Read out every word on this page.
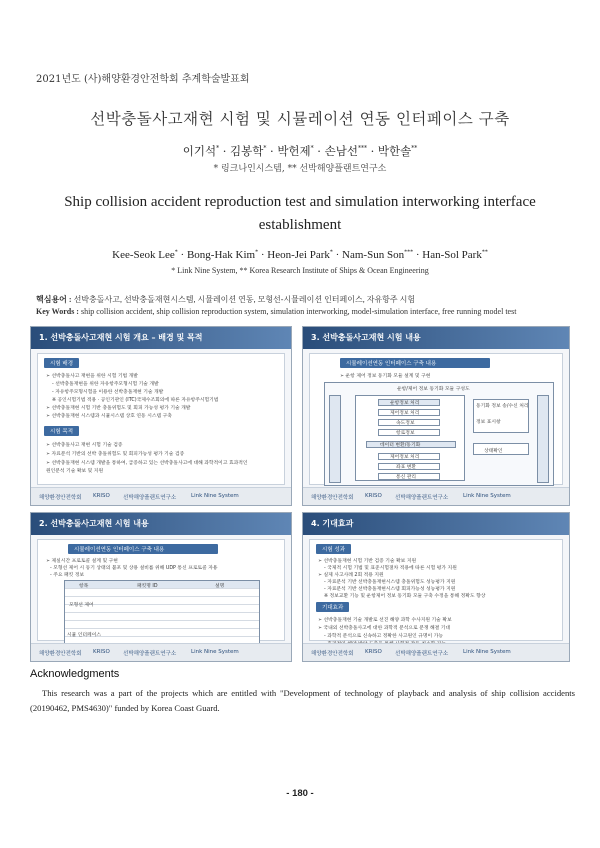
2021년도 (사)해양환경안전학회 추계학술발표회
선박충돌사고재현 시험 및 시뮬레이션 연동 인터페이스 구축
이기석* · 김봉학* · 박헌제* · 손남선*** · 박한솔**
* 링크나인시스템, ** 선박해양플랜트연구소
Ship collision accident reproduction test and simulation interworking interface establishment
Kee-Seok Lee* · Bong-Hak Kim* · Heon-Jei Park* · Nam-Sun Son*** · Han-Sol Park**
* Link Nine System, ** Korea Research Institute of Ships & Ocean Engineering
핵심용어 : 선박충돌사고, 선박충돌재현시스템, 시뮬레이션 연동, 모형선-시뮬레이션 인터페이스, 자유항주 시험
Key Words : ship collision accident, ship collision reproduction system, simulation interworking, model-simulation interface, free running model test
1. 선박충돌사고재현 시험 개요 – 배경 및 목적
시험 배경
➢ 선박충돌사고 재현을 위한 시험 기법 개발
- 선박충돌재현을 위한 자유항주모형시험 기술 개발
- 자유항주모형시험을 이용한 선박충돌재현 기술 개발
※ 공인시험기법 적용 · 공인기관인 (ITC)국제수조회의에 따른 자유항주시험기법
➢ 선박충돌재현 시험 기반 충돌위험도 및 회피 가능성 평가 기술 개발
➢ 선박충돌재현 시스템과 시뮬시스템 상호 연동 시스템 구축
시험 목적
➢ 선박충돌사고 재현 시험 기술 검증
➢ 자료분석 기반의 선박 충돌위험도 및 회피가능성 평가 기술 검증
➢ 선박충돌재현 시스템 개발을 통하여, 급증하고 있는 선박충돌사고에 대해 과학적이고 효과적인
원인분석 기술 확보 및 지원
해양환경안전학회 KRISO 선박해양플랜트연구소	Link Nine System
3. 선박충돌사고재현 시험 내용
시뮬레이션연동 인터페이스 구축 내용
➢ 운항 제어 정보 동기화 모듈 설계 및 구현
운항/제어 정보 동기화 모듈 구성도
운항정보 처리
제어정보 처리
속도정보
항로정보
데이터 변환/동기화
제어정보 처리
좌표 변환
통신 관리
동기화 정보 송/수신 처리
정보 표시창
상태확인
해양환경안전학회 KRISO 선박해양플랜트연구소	Link Nine System
2. 선박충돌사고재현 시험 내용
시뮬레이션연동 인터페이스 구축 내용
➢ 제실시간 프로토콜 설계 및 구현
- 모형선 제어 시 동기 상태의 불포 및 상용 설비를 위해 UDP 통신 프로토콜 자용
- 주요 패킷 정보
항목	패킷명 ID	설명
모형선 제어
시뮬 인터페이스
해양환경안전학회 KRISO 선박해양플랜트연구소	Link Nine System
4. 기대효과
시험 성과
➢ 선박충돌재현 시험 기반 검증 기술 확보 지원
- 국제적 시험 기법 및 표준시험절차 적용에 따른 시험 평가 지원
➢ 실제 사고사례 2회 적용 지원
- 자료분석 기반 선박충돌재현시스템 충돌위험도 성능평가 지원
- 자료분석 기반 선박충돌재현시스템 회피가능성 성능평가 지원
※ 정보교환 기능 및 운항제어 정보 동기화 모듈 구축 수정을 통해 정확도 향상
기대효과
➢ 선박충돌재현 기술 개발로 선진 해양 과학 수사지원 기술 확보
➢ 국내외 선박충돌사고에 대한 과학적 분석으로 분쟁 해결 기대
- 과학적 분석으로 신속하고 정확한 사고원인 규명이 가능
해양환경안전학회 KRISO 선박해양플랜트연구소	Link Nine System
Acknowledgments
This research was a part of the projects which are entitled with "Development of technology of playback and analysis of ship collision accidents (20190462, PMS4630)" funded by Korea Coast Guard.
- 180 -
